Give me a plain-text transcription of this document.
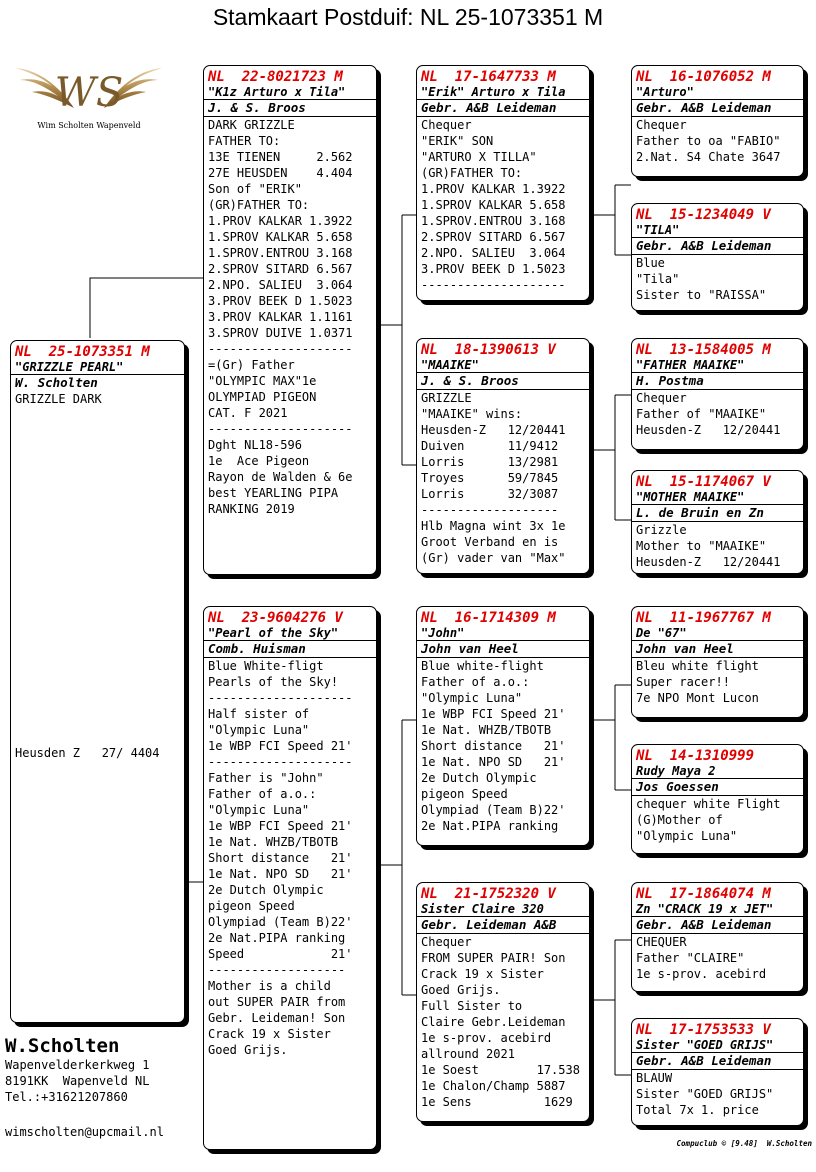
Stamkaart Postduif: NL 25-1073351 M
WS
Wim Scholten Wapenveld
NL  25-1073351 M
"GRIZZLE PEARL"
W. Scholten
GRIZZLE DARK
Heusden Z   27/ 4404
NL  22-8021723 M
"K1z Arturo x Tila"
J. & S. Broos
DARK GRIZZLE
FATHER TO:
13E TIENEN     2.562
27E HEUSDEN    4.404
Son of "ERIK"
(GR)FATHER TO:
1.PROV KALKAR 1.3922
1.SPROV KALKAR 5.658
1.SPROV.ENTROU 3.168
2.SPROV SITARD 6.567
2.NPO. SALIEU  3.064
3.PROV BEEK D 1.5023
3.PROV KALKAR 1.1161
3.SPROV DUIVE 1.0371
--------------------
=(Gr) Father
"OLYMPIC MAX"1e
OLYMPIAD PIGEON
CAT. F 2021
--------------------
Dght NL18-596
1e  Ace Pigeon
Rayon de Walden & 6e
best YEARLING PIPA
RANKING 2019
NL  23-9604276 V
"Pearl of the Sky"
Comb. Huisman
Blue White-fligt
Pearls of the Sky!
--------------------
Half sister of
"Olympic Luna"
1e WBP FCI Speed 21'
--------------------
Father is "John"
Father of a.o.:
"Olympic Luna"
1e WBP FCI Speed 21'
1e Nat. WHZB/TBOTB
Short distance   21'
1e Nat. NPO SD   21'
2e Dutch Olympic
pigeon Speed
Olympiad (Team B)22'
2e Nat.PIPA ranking
Speed            21'
-------------------
Mother is a child
out SUPER PAIR from
Gebr. Leideman! Son
Crack 19 x Sister
Goed Grijs.
NL  17-1647733 M
"Erik" Arturo x Tila
Gebr. A&B Leideman
Chequer
"ERIK" SON
"ARTURO X TILLA"
(GR)FATHER TO:
1.PROV KALKAR 1.3922
1.SPROV KALKAR 5.658
1.SPROV.ENTROU 3.168
2.SPROV SITARD 6.567
2.NPO. SALIEU  3.064
3.PROV BEEK D 1.5023
--------------------
NL  18-1390613 V
"MAAIKE"
J. & S. Broos
GRIZZLE
"MAAIKE" wins:
Heusden-Z   12/20441
Duiven      11/9412
Lorris      13/2981
Troyes      59/7845
Lorris      32/3087
-------------------
Hlb Magna wint 3x 1e
Groot Verband en is
(Gr) vader van "Max"
NL  16-1714309 M
"John"
John van Heel
Blue white-flight
Father of a.o.:
"Olympic Luna"
1e WBP FCI Speed 21'
1e Nat. WHZB/TBOTB
Short distance   21'
1e Nat. NPO SD   21'
2e Dutch Olympic
pigeon Speed
Olympiad (Team B)22'
2e Nat.PIPA ranking
NL  21-1752320 V
Sister Claire 320
Gebr. Leideman A&B
Chequer
FROM SUPER PAIR! Son
Crack 19 x Sister
Goed Grijs.
Full Sister to
Claire Gebr.Leideman
1e s-prov. acebird
allround 2021
1e Soest        17.538
1e Chalon/Champ 5887
1e Sens          1629
NL  16-1076052 M
"Arturo"
Gebr. A&B Leideman
Chequer
Father to oa "FABIO"
2.Nat. S4 Chate 3647
NL  15-1234049 V
"TILA"
Gebr. A&B Leideman
Blue
"Tila"
Sister to "RAISSA"
NL  13-1584005 M
"FATHER MAAIKE"
H. Postma
Chequer
Father of "MAAIKE"
Heusden-Z   12/20441
NL  15-1174067 V
"MOTHER MAAIKE"
L. de Bruin en Zn
Grizzle
Mother to "MAAIKE"
Heusden-Z   12/20441
NL  11-1967767 M
De "67"
John van Heel
Bleu white flight
Super racer!!
7e NPO Mont Lucon
NL  14-1310999
Rudy Maya 2
Jos Goessen
chequer white Flight
(G)Mother of
"Olympic Luna"
NL  17-1864074 M
Zn "CRACK 19 x JET"
Gebr. A&B Leideman
CHEQUER
Father "CLAIRE"
1e s-prov. acebird
NL  17-1753533 V
Sister "GOED GRIJS"
Gebr. A&B Leideman
BLAUW
Sister "GOED GRIJS"
Total 7x 1. price
W.Scholten
Wapenvelderkerkweg 1
8191KK  Wapenveld NL
Tel.:+31621207860
wimscholten@upcmail.nl
Compuclub © [9.48]  W.Scholten
